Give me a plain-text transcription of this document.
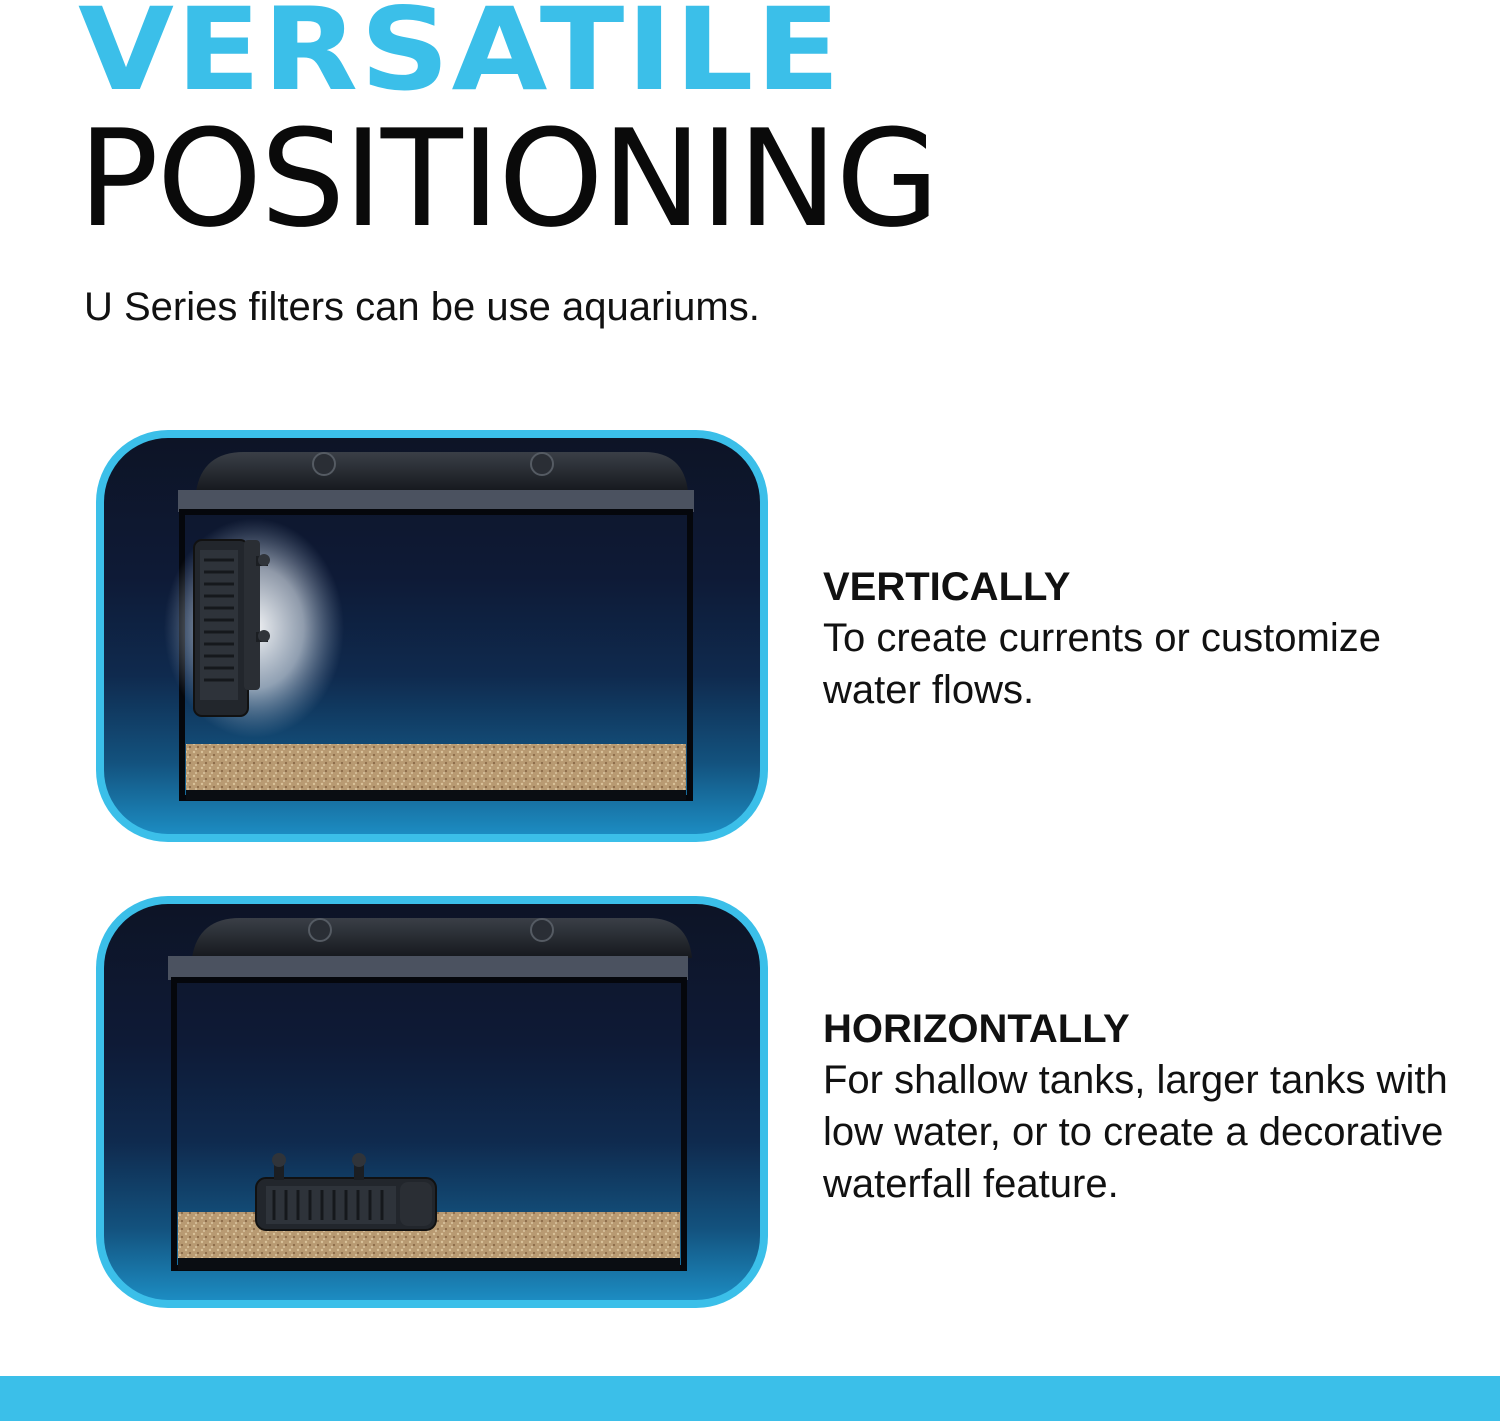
VERSATILE
POSITIONING

U Series filters can be use aquariums.

VERTICALLY
To create currents or customize water flows.
HORIZONTALLY
For shallow tanks, larger tanks with low water, or to create a decorative waterfall feature.
